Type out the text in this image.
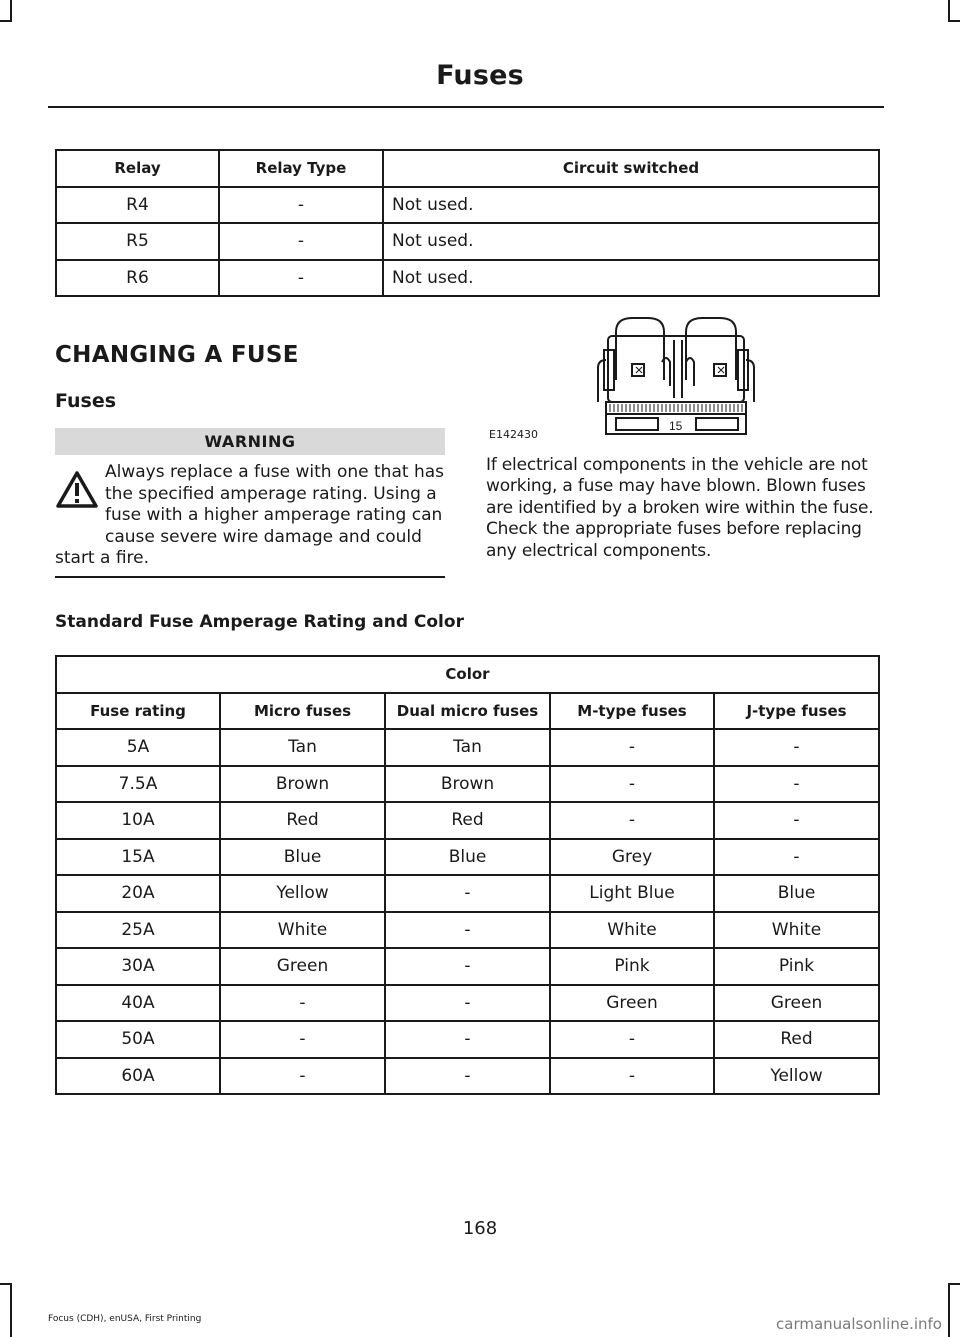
Fuses
Relay	Relay Type	Circuit switched
R4	-	Not used.
R5	-	Not used.
R6	-	Not used.
CHANGING A FUSE
Fuses
WARNING
Always replace a fuse with one that has the specified amperage rating. Using a fuse with a higher amperage rating can cause severe wire damage and could start a fire.
15
E142430
If electrical components in the vehicle are not working, a fuse may have blown. Blown fuses are identified by a broken wire within the fuse. Check the appropriate fuses before replacing any electrical components.
Standard Fuse Amperage Rating and Color
Color				
Fuse rating	Micro fuses	Dual micro fuses	M-type fuses	J-type fuses
5A	Tan	Tan	-	-
7.5A	Brown	Brown	-	-
10A	Red	Red	-	-
15A	Blue	Blue	Grey	-
20A	Yellow	-	Light Blue	Blue
25A	White	-	White	White
30A	Green	-	Pink	Pink
40A	-	-	Green	Green
50A	-	-	-	Red
60A	-	-	-	Yellow
168
Focus (CDH), enUSA, First Printing	carmanualsonline.info
